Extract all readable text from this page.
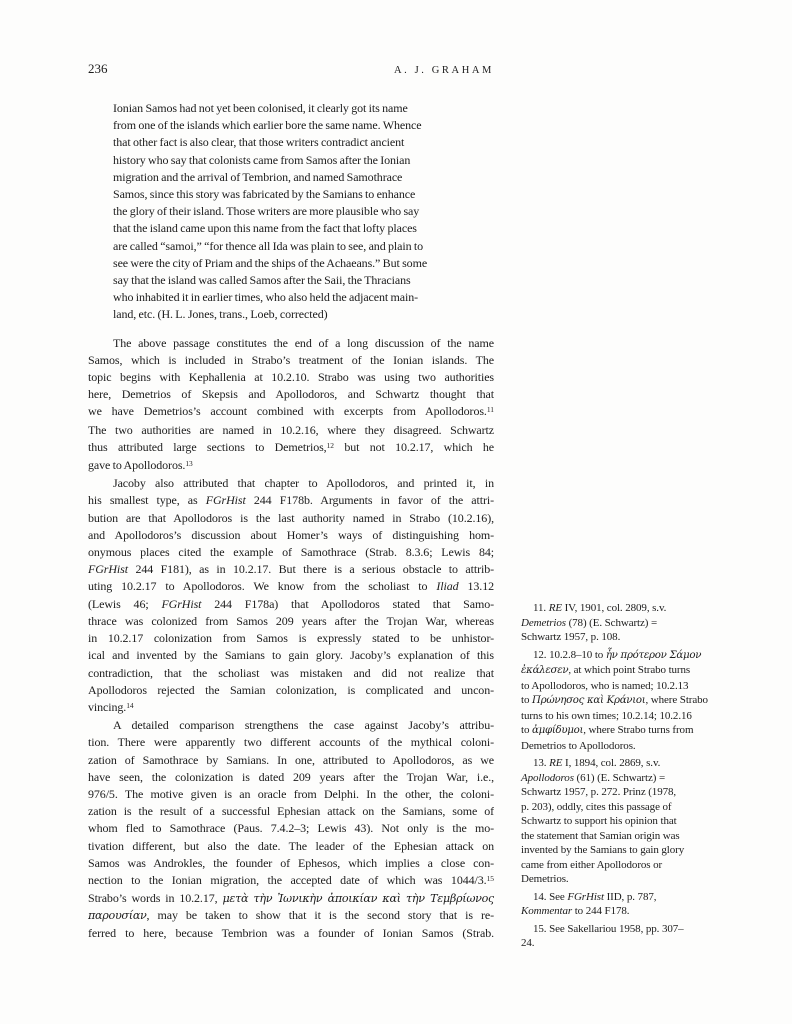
236	A. J. GRAHAM
Ionian Samos had not yet been colonised, it clearly got its name
from one of the islands which earlier bore the same name. Whence
that other fact is also clear, that those writers contradict ancient
history who say that colonists came from Samos after the Ionian
migration and the arrival of Tembrion, and named Samothrace
Samos, since this story was fabricated by the Samians to enhance
the glory of their island. Those writers are more plausible who say
that the island came upon this name from the fact that lofty places
are called “samoi,” “for thence all Ida was plain to see, and plain to
see were the city of Priam and the ships of the Achaeans.” But some
say that the island was called Samos after the Saii, the Thracians
who inhabited it in earlier times, who also held the adjacent main-
land, etc. (H. L. Jones, trans., Loeb, corrected)
The above passage constitutes the end of a long discussion of the name
Samos, which is included in Strabo’s treatment of the Ionian islands. The
topic begins with Kephallenia at 10.2.10. Strabo was using two authorities
here, Demetrios of Skepsis and Apollodoros, and Schwartz thought that
we have Demetrios’s account combined with excerpts from Apollodoros.$^{11}$
The two authorities are named in 10.2.16, where they disagreed. Schwartz
thus attributed large sections to Demetrios,$^{12}$ but not 10.2.17, which he
gave to Apollodoros.$^{13}$
Jacoby also attributed that chapter to Apollodoros, and printed it, in
his smallest type, as FGrHist 244 F178b. Arguments in favor of the attri-
bution are that Apollodoros is the last authority named in Strabo (10.2.16),
and Apollodoros’s discussion about Homer’s ways of distinguishing hom-
onymous places cited the example of Samothrace (Strab. 8.3.6; Lewis 84;
FGrHist 244 F181), as in 10.2.17. But there is a serious obstacle to attrib-
uting 10.2.17 to Apollodoros. We know from the scholiast to Iliad 13.12
(Lewis 46; FGrHist 244 F178a) that Apollodoros stated that Samo-
thrace was colonized from Samos 209 years after the Trojan War, whereas
in 10.2.17 colonization from Samos is expressly stated to be unhistor-
ical and invented by the Samians to gain glory. Jacoby’s explanation of this
contradiction, that the scholiast was mistaken and did not realize that
Apollodoros rejected the Samian colonization, is complicated and uncon-
vincing.$^{14}$
A detailed comparison strengthens the case against Jacoby’s attribu-
tion. There were apparently two different accounts of the mythical coloni-
zation of Samothrace by Samians. In one, attributed to Apollodoros, as we
have seen, the colonization is dated 209 years after the Trojan War, i.e.,
976/5. The motive given is an oracle from Delphi. In the other, the coloni-
zation is the result of a successful Ephesian attack on the Samians, some of
whom fled to Samothrace (Paus. 7.4.2–3; Lewis 43). Not only is the mo-
tivation different, but also the date. The leader of the Ephesian attack on
Samos was Androkles, the founder of Ephesos, which implies a close con-
nection to the Ionian migration, the accepted date of which was 1044/3.15
Strabo’s words in 10.2.17, μετὰ τὴν Ἰωνικὴν ἀποικίαν καὶ τὴν Τεμβρίωνος
παρουσίαν, may be taken to show that it is the second story that is re-
ferred to here, because Tembrion was a founder of Ionian Samos (Strab.
11. RE IV, 1901, col. 2809, s.v.
Demetrios (78) (E. Schwartz) =
Schwartz 1957, p. 108.
12. 10.2.8–10 to ἦν πρότερον Σάμον
ἐκάλεσεν, at which point Strabo turns
to Apollodoros, who is named; 10.2.13
to Πρώνησος καὶ Κράνιοι, where Strabo
turns to his own times; 10.2.14; 10.2.16
to ἀμφίδυμοι, where Strabo turns from
Demetrios to Apollodoros.
13. RE I, 1894, col. 2869, s.v.
Apollodoros (61) (E. Schwartz) =
Schwartz 1957, p. 272. Prinz (1978,
p. 203), oddly, cites this passage of
Schwartz to support his opinion that
the statement that Samian origin was
invented by the Samians to gain glory
came from either Apollodoros or
Demetrios.
14. See FGrHist IID, p. 787,
Kommentar to 244 F178.
15. See Sakellariou 1958, pp. 307–
24.
